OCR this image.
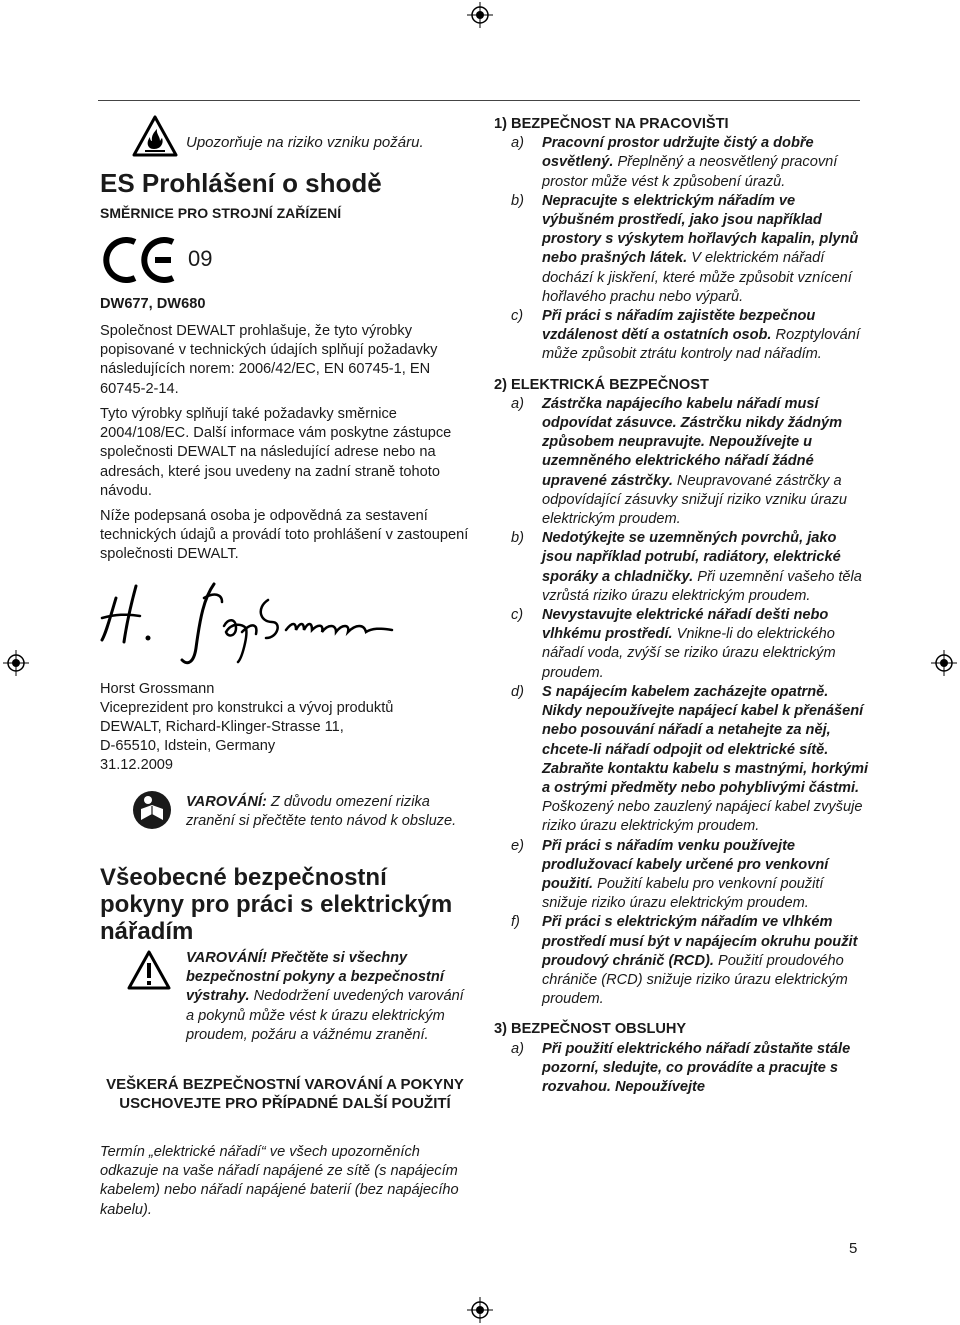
Upozorňuje na riziko vzniku požáru.
ES Prohlášení o shodě
SMĚRNICE PRO STROJNÍ ZAŘÍZENÍ
09
DW677, DW680

Společnost DEWALT prohlašuje, že tyto výrobky popisované v technických údajích splňují požadavky následujících norem: 2006/42/EC, EN 60745-1, EN 60745-2-14.

Tyto výrobky splňují také požadavky směrnice 2004/108/EC. Další informace vám poskytne zástupce společnosti DEWALT na následující adrese nebo na adresách, které jsou uvedeny na zadní straně tohoto návodu.

Níže podepsaná osoba je odpovědná za sestavení technických údajů a provádí toto prohlášení v zastoupení společnosti DEWALT.

Horst Grossmann
Viceprezident pro konstrukci a vývoj produktů
DEWALT, Richard-Klinger-Strasse 11,
D-65510, Idstein, Germany
31.12.2009

VAROVÁNÍ: Z důvodu omezení rizika zranění si přečtěte tento návod k obsluze.

Všeobecné bezpečnostní pokyny pro práci s elektrickým nářadím

VAROVÁNÍ! Přečtěte si všechny bezpečnostní pokyny a bezpečnostní výstrahy. Nedodržení uvedených varování a pokynů může vést k úrazu elektrickým proudem, požáru a vážnému zranění.

VEŠKERÁ BEZPEČNOSTNÍ VAROVÁNÍ A POKYNY USCHOVEJTE PRO PŘÍPADNÉ DALŠÍ POUŽITÍ

Termín „elektrické nářadí“ ve všech upozorněních odkazuje na vaše nářadí napájené ze sítě (s napájecím kabelem) nebo nářadí napájené baterií (bez napájecího kabelu).

1) BEZPEČNOST NA PRACOVIŠTI

a) Pracovní prostor udržujte čistý a dobře osvětlený. Přeplněný a neosvětlený pracovní prostor může vést k způsobení úrazů.

b) Nepracujte s elektrickým nářadím ve výbušném prostředí, jako jsou například prostory s výskytem hořlavých kapalin, plynů nebo prašných látek. V elektrickém nářadí dochází k jiskření, které může způsobit vznícení hořlavého prachu nebo výparů.

c) Při práci s nářadím zajistěte bezpečnou vzdálenost dětí a ostatních osob. Rozptylování může způsobit ztrátu kontroly nad nářadím.

2) ELEKTRICKÁ BEZPEČNOST

a) Zástrčka napájecího kabelu nářadí musí odpovídat zásuvce. Zástrčku nikdy žádným způsobem neupravujte. Nepoužívejte u uzemněného elektrického nářadí žádné upravené zástrčky. Neupravované zástrčky a odpovídající zásuvky snižují riziko vzniku úrazu elektrickým proudem.

b) Nedotýkejte se uzemněných povrchů, jako jsou například potrubí, radiátory, elektrické sporáky a chladničky. Při uzemnění vašeho těla vzrůstá riziko úrazu elektrickým proudem.

c) Nevystavujte elektrické nářadí dešti nebo vlhkému prostředí. Vnikne-li do elektrického nářadí voda, zvýší se riziko úrazu elektrickým proudem.

d) S napájecím kabelem zacházejte opatrně. Nikdy nepoužívejte napájecí kabel k přenášení nebo posouvání nářadí a netahejte za něj, chcete-li nářadí odpojit od elektrické sítě. Zabraňte kontaktu kabelu s mastnými, horkými a ostrými předměty nebo pohyblivými částmi. Poškozený nebo zauzlený napájecí kabel zvyšuje riziko úrazu elektrickým proudem.

e) Při práci s nářadím venku používejte prodlužovací kabely určené pro venkovní použití. Použití kabelu pro venkovní použití snižuje riziko úrazu elektrickým proudem.

f) Při práci s elektrickým nářadím ve vlhkém prostředí musí být v napájecím okruhu použit proudový chránič (RCD). Použití proudového chrániče (RCD) snižuje riziko úrazu elektrickým proudem.

3) BEZPEČNOST OBSLUHY

a) Při použití elektrického nářadí zůstaňte stále pozorní, sledujte, co provádíte a pracujte s rozvahou. Nepoužívejte

5
